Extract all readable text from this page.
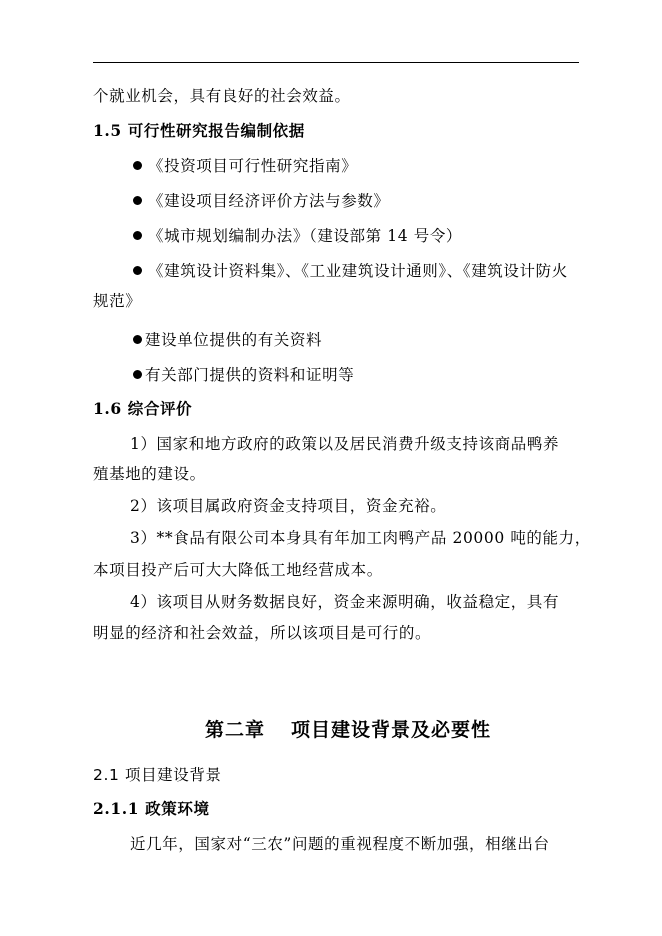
个就业机会，具有良好的社会效益。
1.5 可行性研究报告编制依据
《投资项目可行性研究指南》
《建设项目经济评价方法与参数》
《城市规划编制办法》（建设部第 14 号令）
《建筑设计资料集》、《工业建筑设计通则》、《建筑设计防火
规范》
建设单位提供的有关资料
有关部门提供的资料和证明等
1.6 综合评价
1）国家和地方政府的政策以及居民消费升级支持该商品鸭养
殖基地的建设。
2）该项目属政府资金支持项目，资金充裕。
3）**食品有限公司本身具有年加工肉鸭产品 20000 吨的能力，
本项目投产后可大大降低工地经营成本。
4）该项目从财务数据良好，资金来源明确，收益稳定，具有
明显的经济和社会效益，所以该项目是可行的。
第二章 项目建设背景及必要性
2.1 项目建设背景
2.1.1 政策环境
近几年，国家对“三农”问题的重视程度不断加强，相继出台
